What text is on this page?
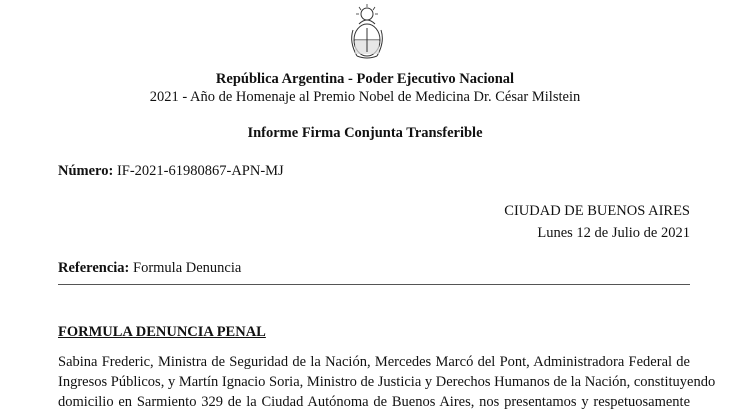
República Argentina - Poder Ejecutivo Nacional
2021 - Año de Homenaje al Premio Nobel de Medicina Dr. César Milstein
Informe Firma Conjunta Transferible
Número: IF-2021-61980867-APN-MJ
CIUDAD DE BUENOS AIRES
Lunes 12 de Julio de 2021
Referencia: Formula Denuncia
FORMULA DENUNCIA PENAL
Sabina Frederic, Ministra de Seguridad de la Nación, Mercedes Marcó del Pont, Administradora Federal de
Ingresos Públicos, y Martín Ignacio Soria, Ministro de Justicia y Derechos Humanos de la Nación, constituyendo
domicilio en Sarmiento 329 de la Ciudad Autónoma de Buenos Aires, nos presentamos y respetuosamente
